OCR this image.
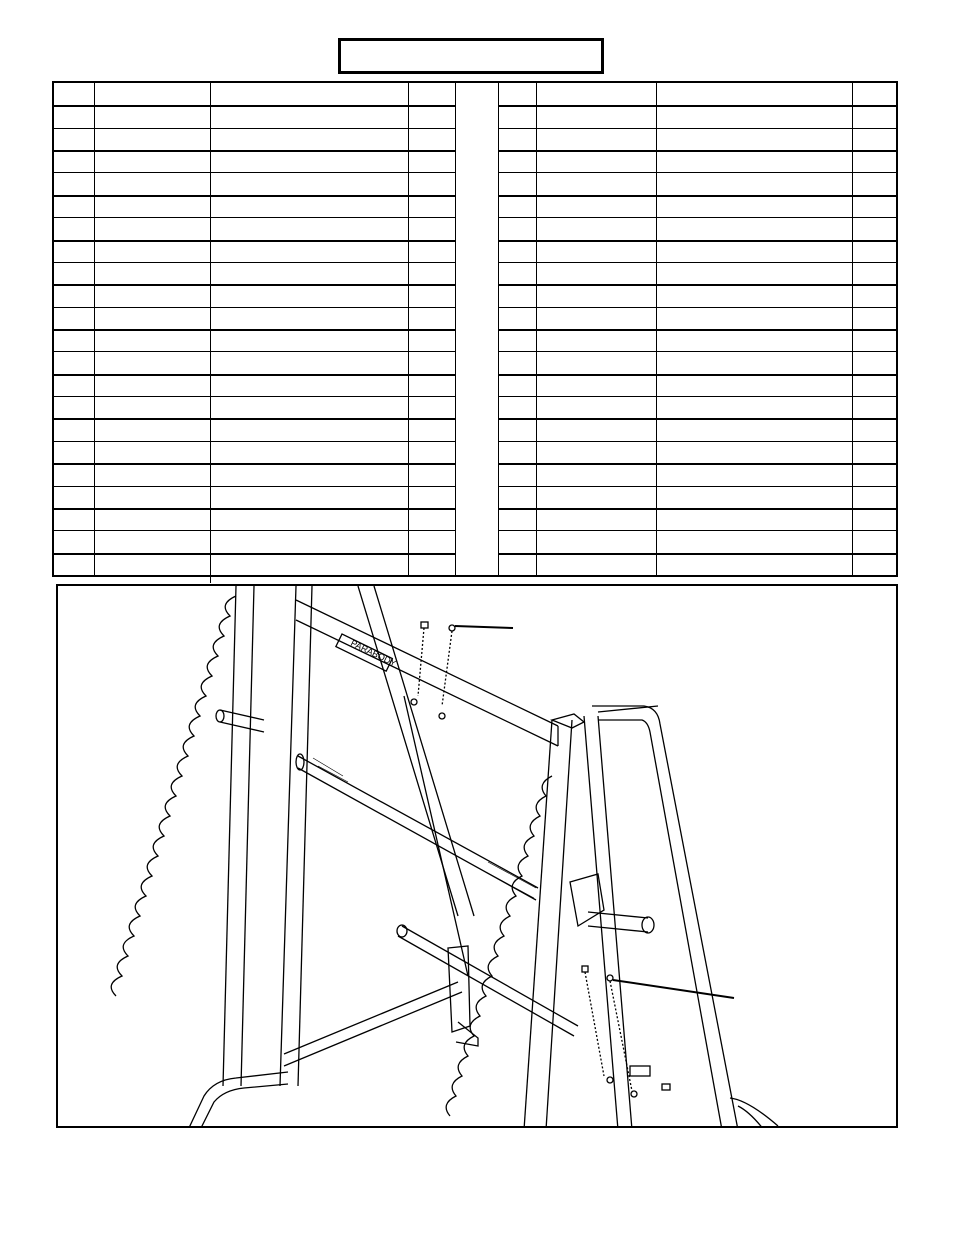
PARABODY
